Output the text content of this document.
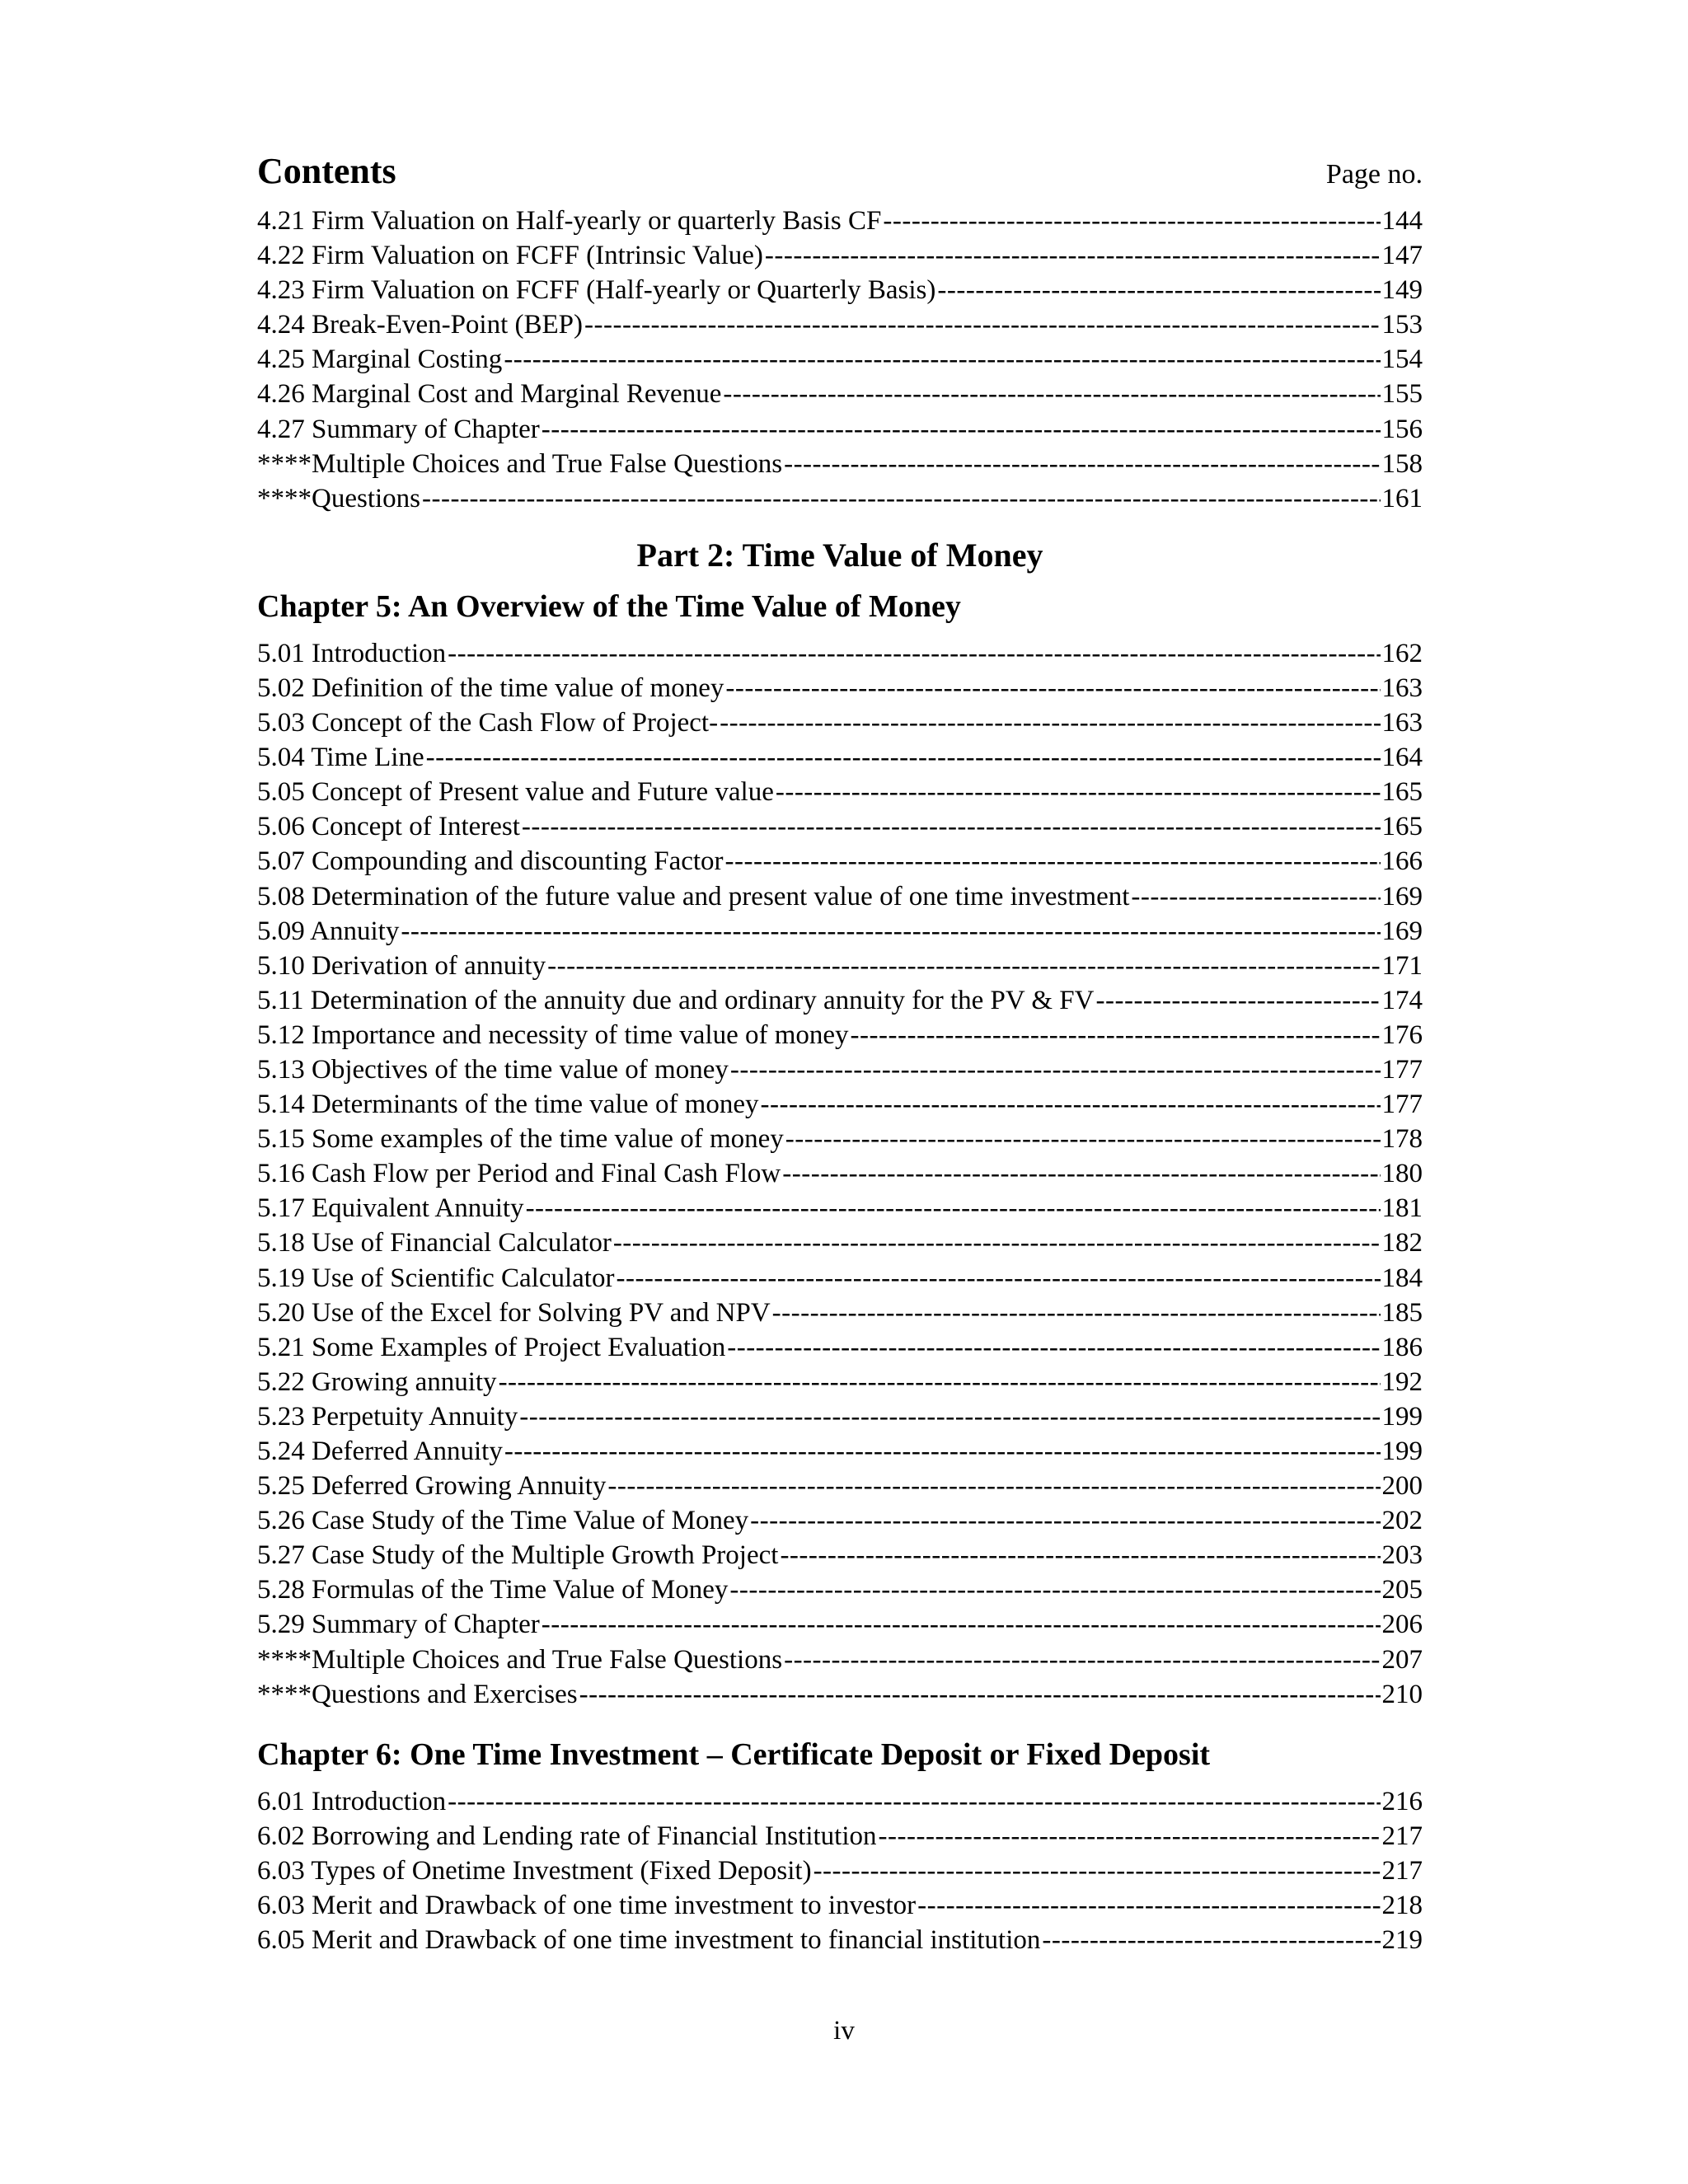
Contents	Page no.
4.21 Firm Valuation on Half-yearly or quarterly Basis CF -----	144
4.22 Firm Valuation on FCFF (Intrinsic Value) -----	147
4.23 Firm Valuation on FCFF (Half-yearly or Quarterly Basis) -----	149
4.24 Break-Even-Point (BEP) -----	153
4.25 Marginal Costing -----	154
4.26 Marginal Cost and Marginal Revenue -----	155
4.27 Summary of Chapter -----	156
****Multiple Choices and True False Questions -----	158
****Questions -----	161
Part 2: Time Value of Money
Chapter 5: An Overview of the Time Value of Money
5.01 Introduction -----	162
5.02 Definition of the time value of money -----	163
5.03 Concept of the Cash Flow of Project- -----	163
5.04 Time Line -----	164
5.05 Concept of Present value and Future value -----	165
5.06 Concept of Interest -----	165
5.07 Compounding and discounting Factor -----	166
5.08 Determination of the future value and present value of one time investment -----	169
5.09 Annuity -----	169
5.10 Derivation of annuity -----	171
5.11 Determination of the annuity due and ordinary annuity for the PV & FV -----	174
5.12 Importance and necessity of time value of money -----	176
5.13 Objectives of the time value of money -----	177
5.14 Determinants of the time value of money -----	177
5.15 Some examples of the time value of money -----	178
5.16 Cash Flow per Period and Final Cash Flow -----	180
5.17 Equivalent Annuity -----	181
5.18 Use of Financial Calculator -----	182
5.19 Use of Scientific Calculator -----	184
5.20 Use of the Excel for Solving PV and NPV -----	185
5.21 Some Examples of Project Evaluation -----	186
5.22 Growing annuity -----	192
5.23 Perpetuity Annuity -----	199
5.24 Deferred Annuity -----	199
5.25 Deferred Growing Annuity -----	200
5.26 Case Study of the Time Value of Money -----	202
5.27 Case Study of the Multiple Growth Project -----	203
5.28 Formulas of the Time Value of Money -----	205
5.29 Summary of Chapter -----	206
****Multiple Choices and True False Questions -----	207
****Questions and Exercises -----	210
Chapter 6: One Time Investment – Certificate Deposit or Fixed Deposit
6.01 Introduction -----	216
6.02 Borrowing and Lending rate of Financial Institution -----	217
6.03 Types of Onetime Investment (Fixed Deposit) -----	217
6.03 Merit and Drawback of one time investment to investor -----	218
6.05 Merit and Drawback of one time investment to financial institution -----	219
iv
